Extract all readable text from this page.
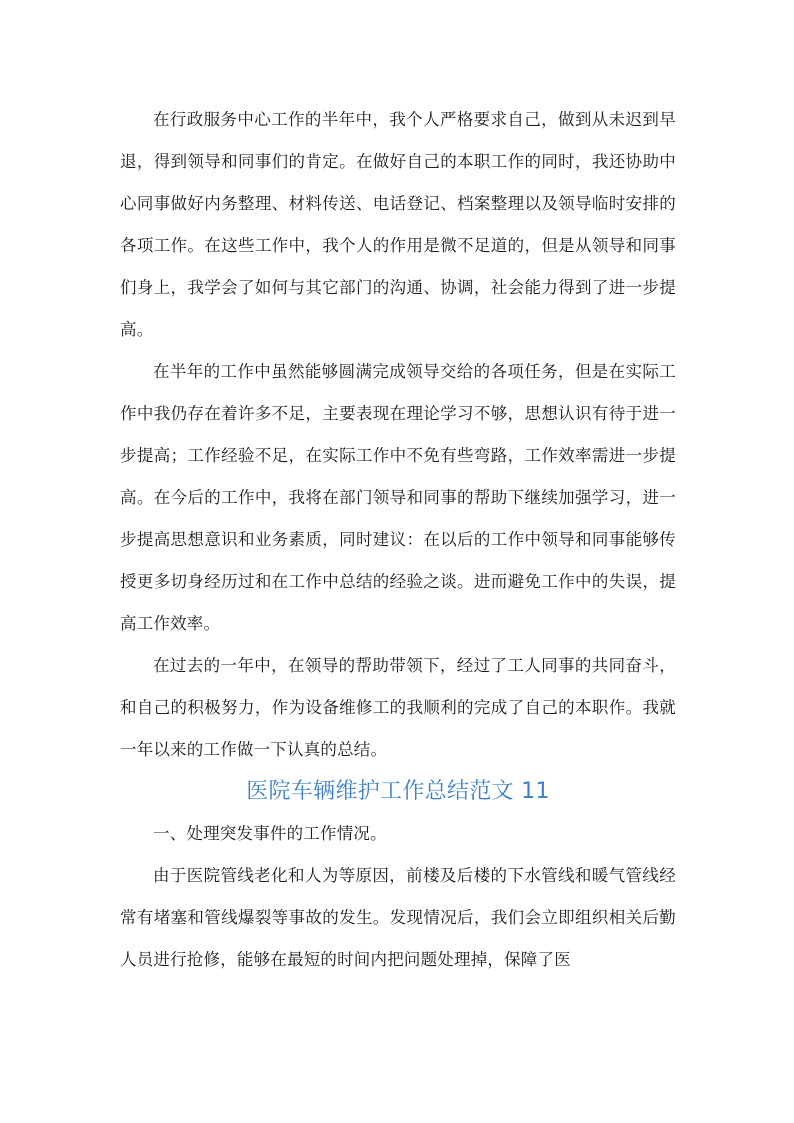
在行政服务中心工作的半年中，我个人严格要求自己，做到从未迟到早退，得到领导和同事们的肯定。在做好自己的本职工作的同时，我还协助中心同事做好内务整理、材料传送、电话登记、档案整理以及领导临时安排的各项工作。在这些工作中，我个人的作用是微不足道的，但是从领导和同事们身上，我学会了如何与其它部门的沟通、协调，社会能力得到了进一步提高。

在半年的工作中虽然能够圆满完成领导交给的各项任务，但是在实际工作中我仍存在着许多不足，主要表现在理论学习不够，思想认识有待于进一步提高；工作经验不足，在实际工作中不免有些弯路，工作效率需进一步提高。在今后的工作中，我将在部门领导和同事的帮助下继续加强学习，进一步提高思想意识和业务素质，同时建议：在以后的工作中领导和同事能够传授更多切身经历过和在工作中总结的经验之谈。进而避免工作中的失误，提高工作效率。

在过去的一年中，在领导的帮助带领下，经过了工人同事的共同奋斗，和自己的积极努力，作为设备维修工的我顺利的完成了自己的本职作。我就一年以来的工作做一下认真的总结。

医院车辆维护工作总结范文 11

一、处理突发事件的工作情况。

由于医院管线老化和人为等原因，前楼及后楼的下水管线和暖气管线经常有堵塞和管线爆裂等事故的发生。发现情况后，我们会立即组织相关后勤人员进行抢修，能够在最短的时间内把问题处理掉，保障了医
